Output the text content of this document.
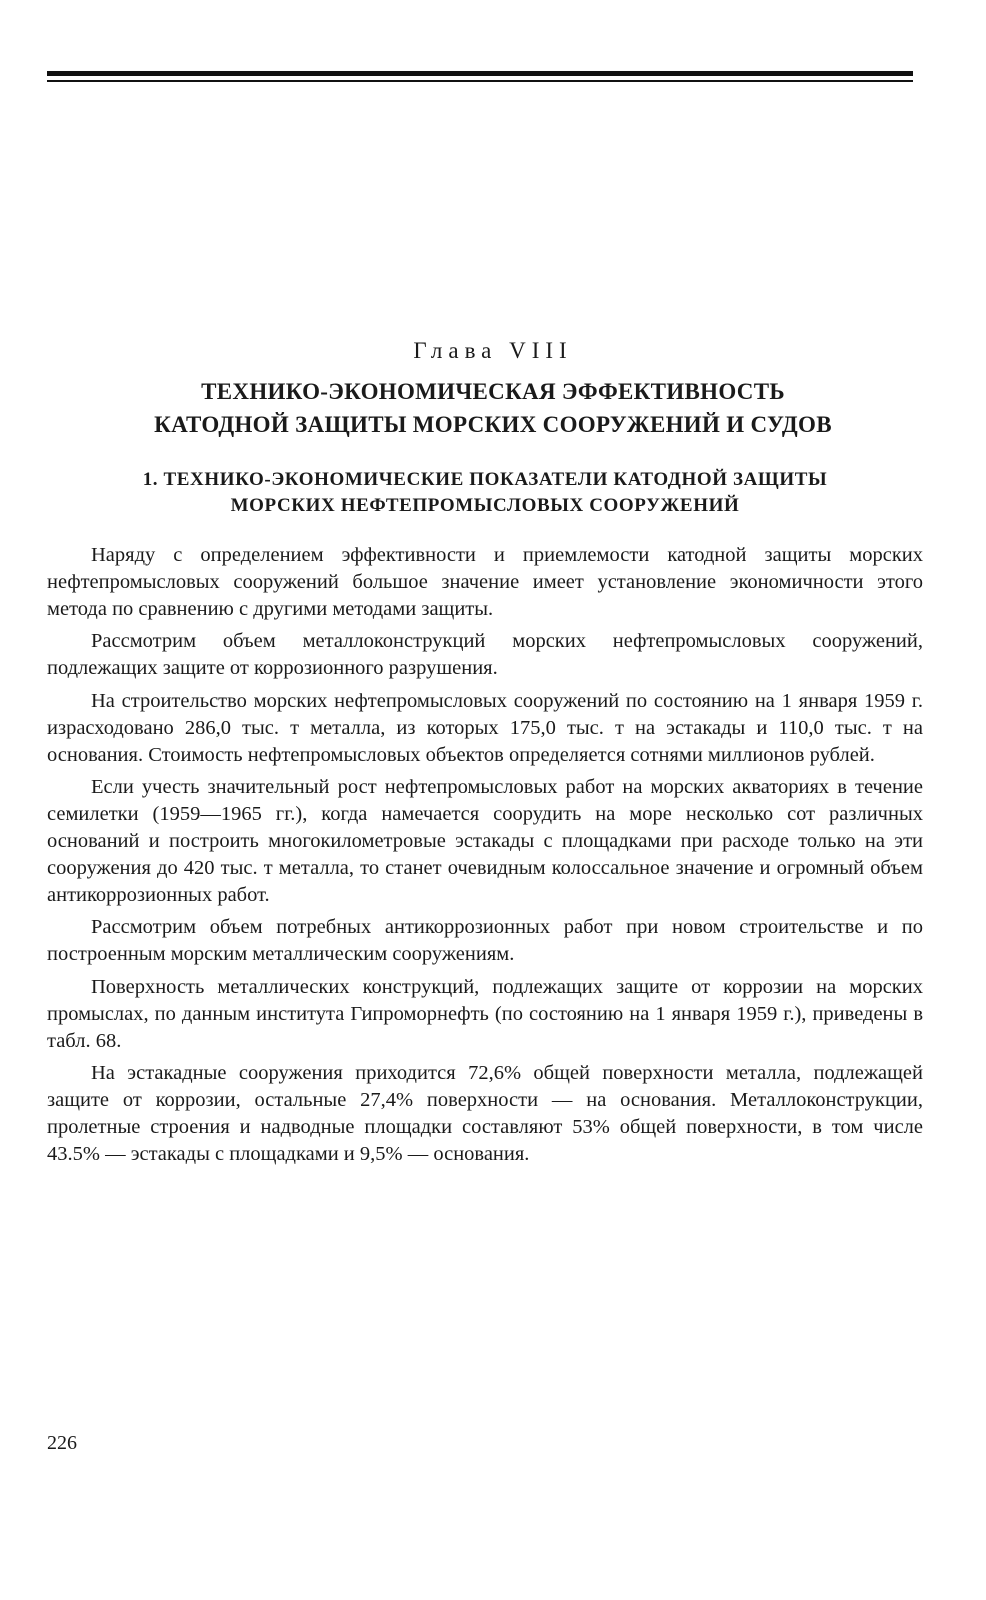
Глава VIII
ТЕХНИКО-ЭКОНОМИЧЕСКАЯ ЭФФЕКТИВНОСТЬ
КАТОДНОЙ ЗАЩИТЫ МОРСКИХ СООРУЖЕНИЙ И СУДОВ
1. ТЕХНИКО-ЭКОНОМИЧЕСКИЕ ПОКАЗАТЕЛИ КАТОДНОЙ ЗАЩИТЫ
МОРСКИХ НЕФТЕПРОМЫСЛОВЫХ СООРУЖЕНИЙ

Наряду с определением эффективности и приемлемости катодной защиты морских нефтепромысловых сооружений большое значение имеет установление экономичности этого метода по сравнению с другими методами защиты.

Рассмотрим объем металлоконструкций морских нефтепромысловых сооружений, подлежащих защите от коррозионного разрушения.

На строительство морских нефтепромысловых сооружений по состоянию на 1 января 1959 г. израсходовано 286,0 тыс. т металла, из которых 175,0 тыс. т на эстакады и 110,0 тыс. т на основания. Стоимость нефтепромысловых объектов определяется сотнями миллионов рублей.

Если учесть значительный рост нефтепромысловых работ на морских акваториях в течение семилетки (1959—1965 гг.), когда намечается соорудить на море несколько сот различных оснований и построить многокилометровые эстакады с площадками при расходе только на эти сооружения до 420 тыс. т металла, то станет очевидным колоссальное значение и огромный объем антикоррозионных работ.

Рассмотрим объем потребных антикоррозионных работ при новом строительстве и по построенным морским металлическим сооружениям.

Поверхность металлических конструкций, подлежащих защите от коррозии на морских промыслах, по данным института Гипроморнефть (по состоянию на 1 января 1959 г.), приведены в табл. 68.

На эстакадные сооружения приходится 72,6% общей поверхности металла, подлежащей защите от коррозии, остальные 27,4% поверхности — на основания. Металлоконструкции, пролетные строения и надводные площадки составляют 53% общей поверхности, в том числе 43.5% — эстакады с площадками и 9,5% — основания.

226
